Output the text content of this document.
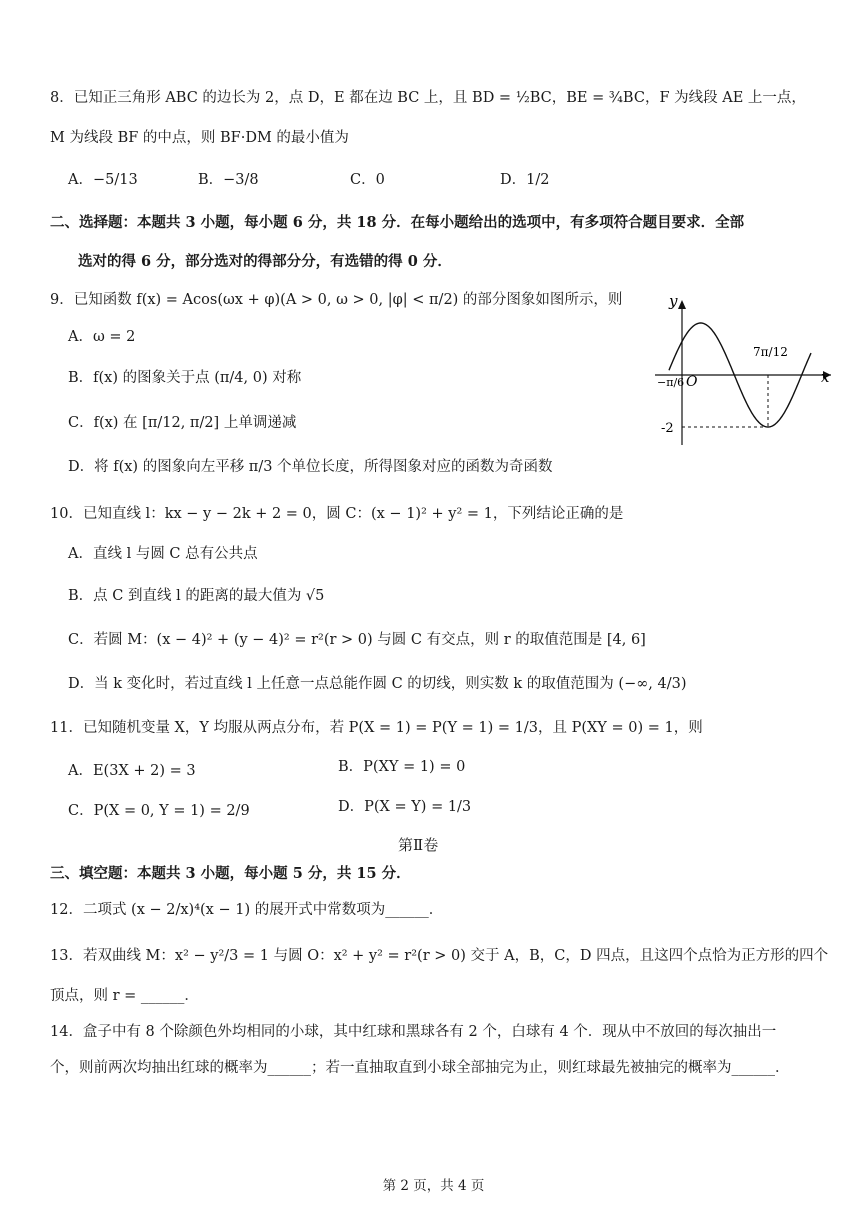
8．已知正三角形 ABC 的边长为 2，点 D，E 都在边 BC 上，且 BD = ½BC，BE = ¾BC，F 为线段 AE 上一点，
M 为线段 BF 的中点，则 BF·DM 的最小值为
A．−5/13	B．−3/8	C．0	D．1/2
二、选择题：本题共 3 小题，每小题 6 分，共 18 分．在每小题给出的选项中，有多项符合题目要求．全部
选对的得 6 分，部分选对的得部分分，有选错的得 0 分．
9．已知函数 f(x) = Acos(ωx + φ)(A > 0, ω > 0, |φ| < π/2) 的部分图象如图所示，则
A．ω = 2
B．f(x) 的图象关于点 (π/4, 0) 对称
C．f(x) 在 [π/12, π/2] 上单调递减
D．将 f(x) 的图象向左平移 π/3 个单位长度，所得图象对应的函数为奇函数
y
x
O
−π/6
7π/12
-2
10．已知直线 l：kx − y − 2k + 2 = 0，圆 C：(x − 1)² + y² = 1，下列结论正确的是
A．直线 l 与圆 C 总有公共点
B．点 C 到直线 l 的距离的最大值为 √5
C．若圆 M：(x − 4)² + (y − 4)² = r²(r > 0) 与圆 C 有交点，则 r 的取值范围是 [4, 6]
D．当 k 变化时，若过直线 l 上任意一点总能作圆 C 的切线，则实数 k 的取值范围为 (−∞, 4/3)
11．已知随机变量 X，Y 均服从两点分布，若 P(X = 1) = P(Y = 1) = 1/3，且 P(XY = 0) = 1，则
A．E(3X + 2) = 3	B．P(XY = 1) = 0
C．P(X = 0, Y = 1) = 2/9	D．P(X = Y) = 1/3
第Ⅱ卷
三、填空题：本题共 3 小题，每小题 5 分，共 15 分．
12．二项式 (x − 2/x)⁴(x − 1) 的展开式中常数项为______．
13．若双曲线 M：x² − y²/3 = 1 与圆 O：x² + y² = r²(r > 0) 交于 A，B，C，D 四点，且这四个点恰为正方形的四个
顶点，则 r = ______．
14．盒子中有 8 个除颜色外均相同的小球，其中红球和黑球各有 2 个，白球有 4 个．现从中不放回的每次抽出一
个，则前两次均抽出红球的概率为______；若一直抽取直到小球全部抽完为止，则红球最先被抽完的概率为______．
第 2 页，共 4 页
